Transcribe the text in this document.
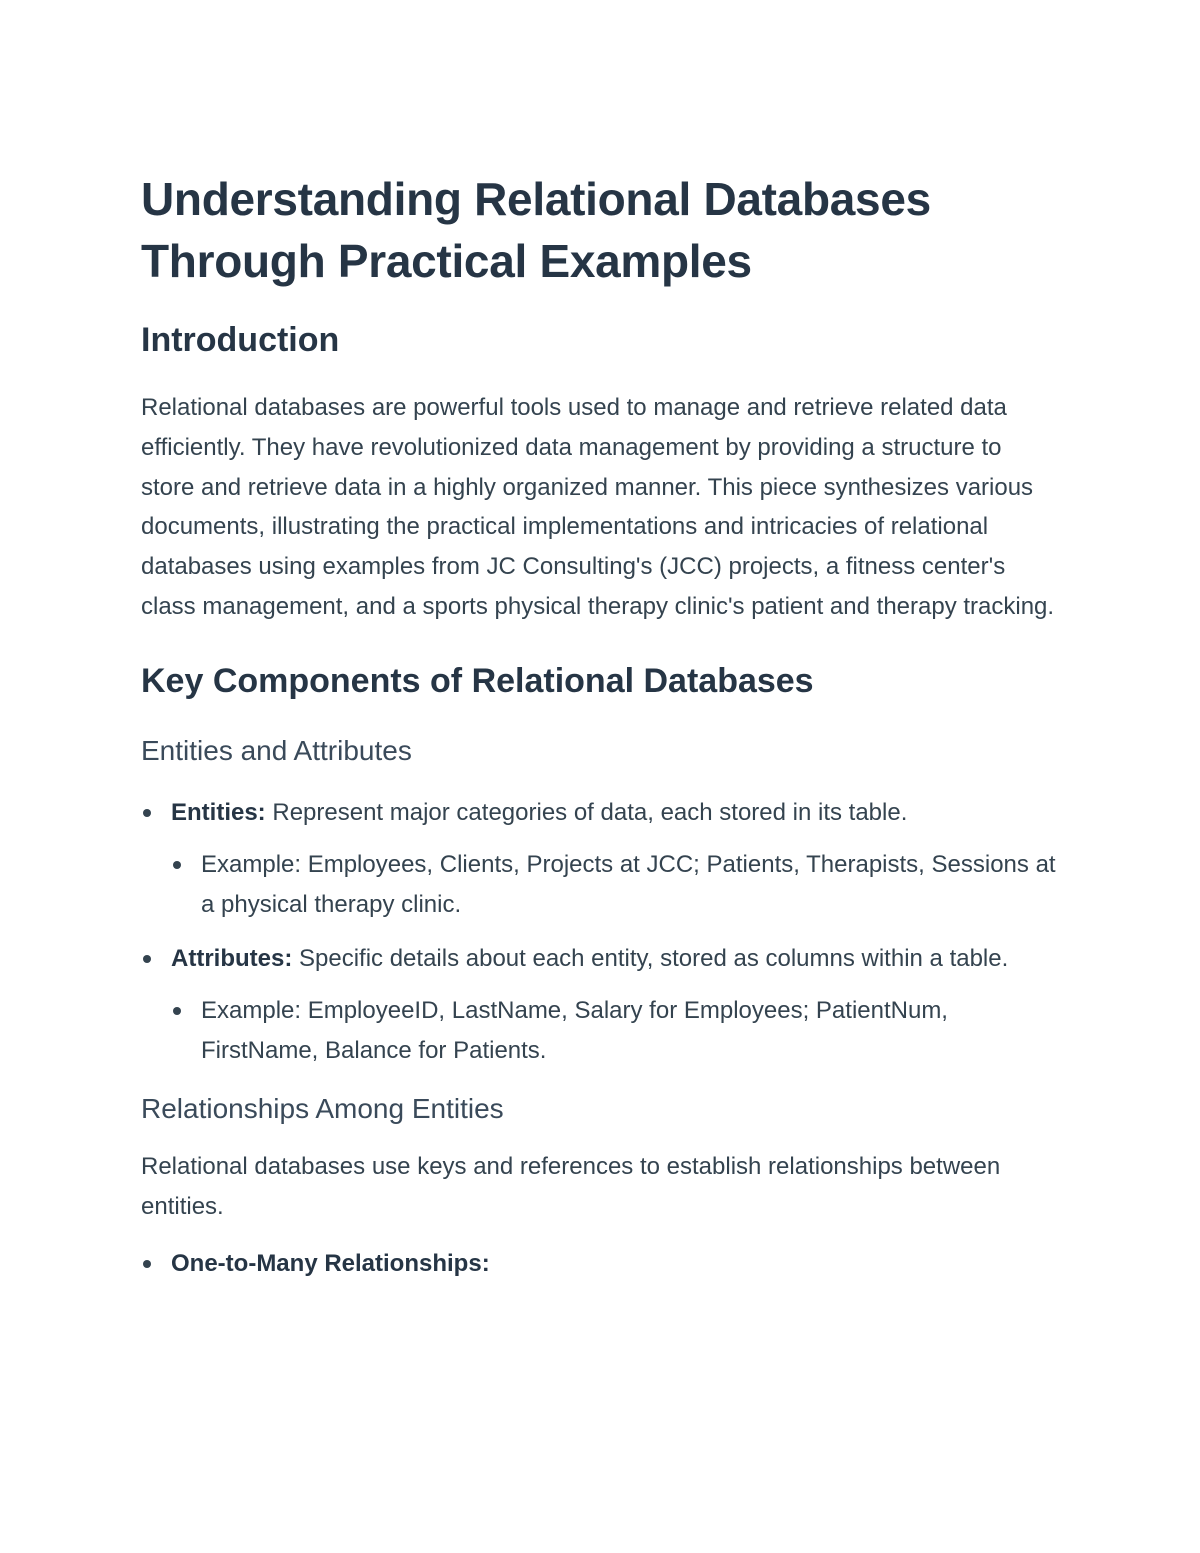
Understanding Relational Databases
Through Practical Examples
Introduction

Relational databases are powerful tools used to manage and retrieve related data efficiently. They have revolutionized data management by providing a structure to store and retrieve data in a highly organized manner. This piece synthesizes various documents, illustrating the practical implementations and intricacies of relational databases using examples from JC Consulting's (JCC) projects, a fitness center's class management, and a sports physical therapy clinic's patient and therapy tracking.

Key Components of Relational Databases
Entities and Attributes
Entities: Represent major categories of data, each stored in its table.
Example: Employees, Clients, Projects at JCC; Patients, Therapists, Sessions at a physical therapy clinic.
Attributes: Specific details about each entity, stored as columns within a table.
Example: EmployeeID, LastName, Salary for Employees; PatientNum, FirstName, Balance for Patients.
Relationships Among Entities

Relational databases use keys and references to establish relationships between entities.

One-to-Many Relationships:
